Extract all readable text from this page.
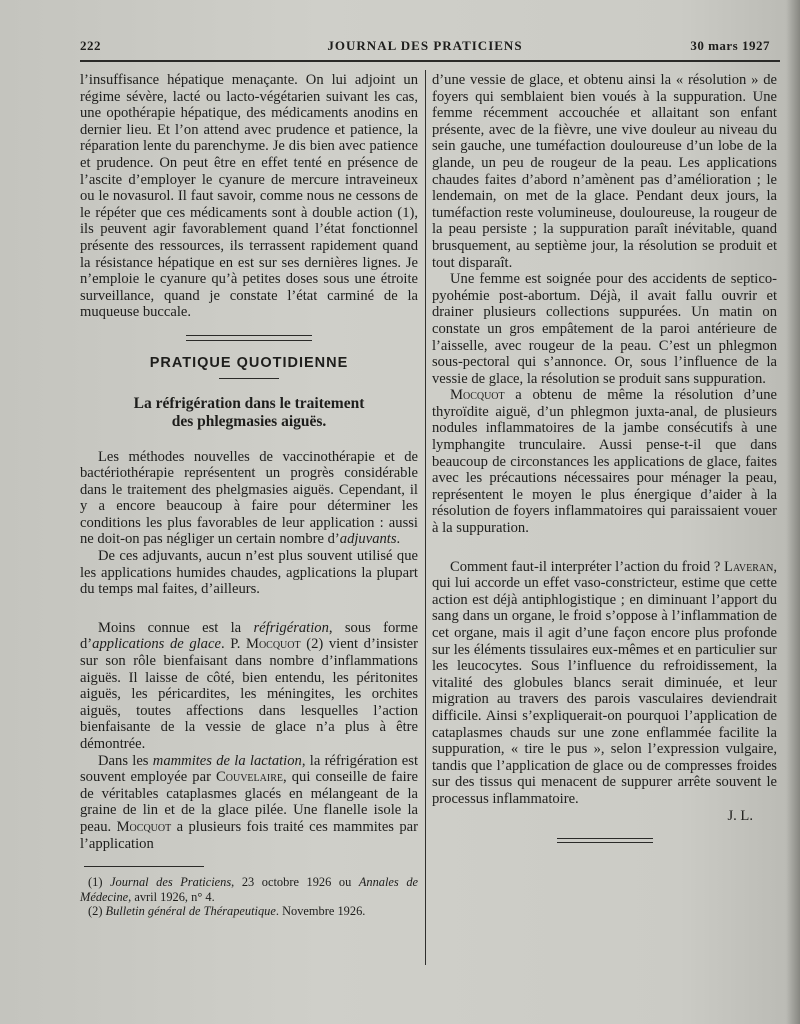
222	JOURNAL DES PRATICIENS	30 mars 1927

l’insuffisance hépatique menaçante. On lui adjoint un régime sévère, lacté ou lacto-végétarien suivant les cas, une opothérapie hépatique, des médicaments anodins en dernier lieu. Et l’on attend avec prudence et patience, la réparation lente du parenchyme. Je dis bien avec patience et prudence. On peut être en effet tenté en présence de l’ascite d’employer le cyanure de mercure intraveineux ou le novasurol. Il faut savoir, comme nous ne cessons de le répéter que ces médicaments sont à double action (1), ils peuvent agir favorablement quand l’état fonctionnel présente des ressources, ils terrassent rapidement quand la résistance hépatique en est sur ses dernières lignes. Je n’emploie le cyanure qu’à petites doses sous une étroite surveillance, quand je constate l’état carminé de la muqueuse buccale.

PRATIQUE QUOTIDIENNE
La réfrigération dans le traitement
des phlegmasies aiguës.

Les méthodes nouvelles de vaccinothérapie et de bactériothérapie représentent un progrès considérable dans le traitement des phelgmasies aiguës. Cependant, il y a encore beaucoup à faire pour déterminer les conditions les plus favorables de leur application : aussi ne doit-on pas négliger un certain nombre d’adjuvants.

De ces adjuvants, aucun n’est plus souvent utilisé que les applications humides chaudes, agplications la plupart du temps mal faites, d’ailleurs.

Moins connue est la réfrigération, sous forme d’applications de glace. P. Mocquot (2) vient d’insister sur son rôle bienfaisant dans nombre d’inflammations aiguës. Il laisse de côté, bien entendu, les péritonites aiguës, les péricardites, les méningites, les orchites aiguës, toutes affections dans lesquelles l’action bienfaisante de la vessie de glace n’a plus à être démontrée.

Dans les mammites de la lactation, la réfrigération est souvent employée par Couvelaire, qui conseille de faire de véritables cataplasmes glacés en mélangeant de la graine de lin et de la glace pilée. Une flanelle isole la peau. Mocquot a plusieurs fois traité ces mammites par l’application

(1) Journal des Praticiens, 23 octobre 1926 ou Annales de Médecine, avril 1926, n° 4.

(2) Bulletin général de Thérapeutique. Novembre 1926.

d’une vessie de glace, et obtenu ainsi la « résolution » de foyers qui semblaient bien voués à la suppuration. Une femme récemment accouchée et allaitant son enfant présente, avec de la fièvre, une vive douleur au niveau du sein gauche, une tuméfaction douloureuse d’un lobe de la glande, un peu de rougeur de la peau. Les applications chaudes faites d’abord n’amènent pas d’amélioration ; le lendemain, on met de la glace. Pendant deux jours, la tuméfaction reste volumineuse, douloureuse, la rougeur de la peau persiste ; la suppuration paraît inévitable, quand brusquement, au septième jour, la résolution se produit et tout disparaît.

Une femme est soignée pour des accidents de septico-pyohémie post-abortum. Déjà, il avait fallu ouvrir et drainer plusieurs collections suppurées. Un matin on constate un gros empâtement de la paroi antérieure de l’aisselle, avec rougeur de la peau. C’est un phlegmon sous-pectoral qui s’annonce. Or, sous l’influence de la vessie de glace, la résolution se produit sans suppuration.

Mocquot a obtenu de même la résolution d’une thyroïdite aiguë, d’un phlegmon juxta-anal, de plusieurs nodules inflammatoires de la jambe consécutifs à une lymphangite trunculaire. Aussi pense-t-il que dans beaucoup de circonstances les applications de glace, faites avec les précautions nécessaires pour ménager la peau, représentent le moyen le plus énergique d’aider à la résolution de foyers inflammatoires qui paraissaient vouer à la suppuration.

Comment faut-il interpréter l’action du froid ? Laveran, qui lui accorde un effet vaso-constricteur, estime que cette action est déjà antiphlogistique ; en diminuant l’apport du sang dans un organe, le froid s’oppose à l’inflammation de cet organe, mais il agit d’une façon encore plus profonde sur les éléments tissulaires eux-mêmes et en particulier sur les leucocytes. Sous l’influence du refroidissement, la vitalité des globules blancs serait diminuée, et leur migration au travers des parois vasculaires deviendrait difficile. Ainsi s’expliquerait-on pourquoi l’application de cataplasmes chauds sur une zone enflammée facilite la suppuration, « tire le pus », selon l’expression vulgaire, tandis que l’application de glace ou de compresses froides sur des tissus qui menacent de suppurer arrête souvent le processus inflammatoire.

J. L.
